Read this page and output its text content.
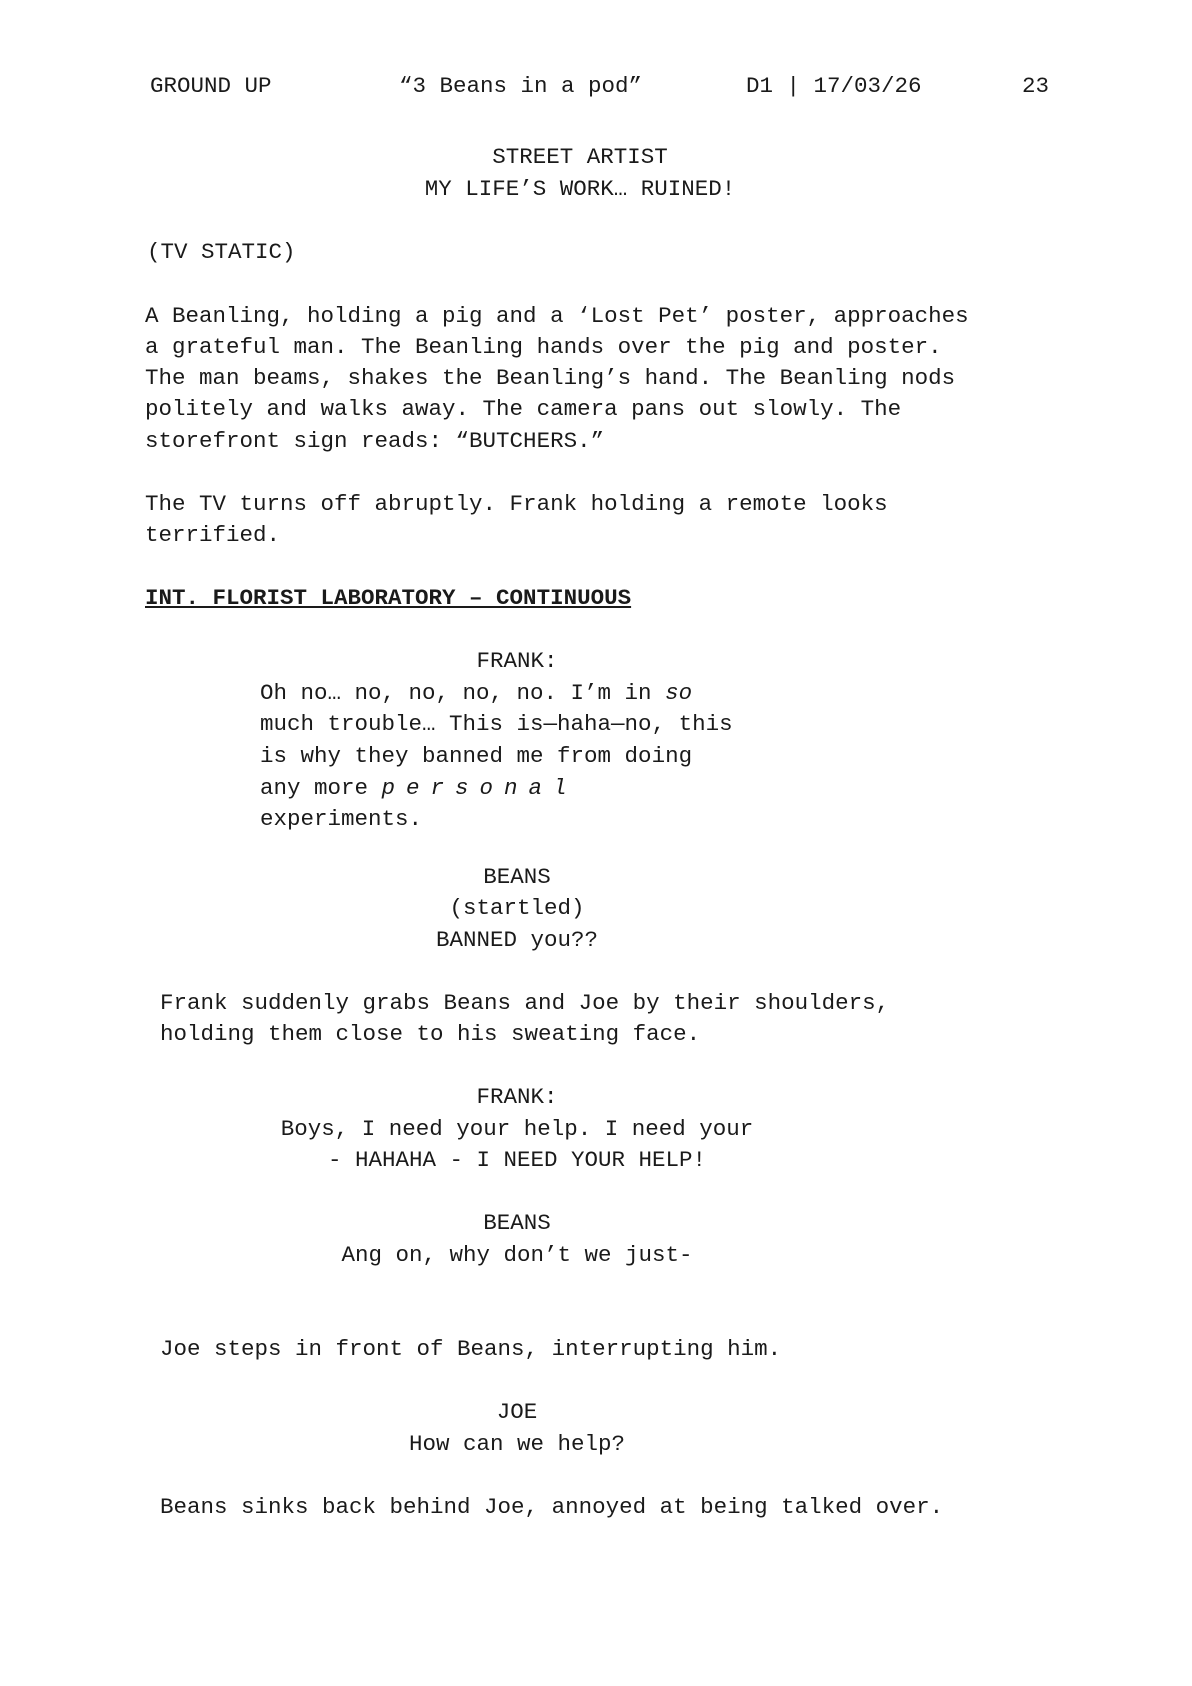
GROUND UP	“3 Beans in a pod”	D1 | 17/03/26	23
STREET ARTIST
MY LIFE’S WORK… RUINED!
(TV STATIC)
A Beanling, holding a pig and a ‘Lost Pet’ poster, approaches
a grateful man. The Beanling hands over the pig and poster.
The man beams, shakes the Beanling’s hand. The Beanling nods
politely and walks away. The camera pans out slowly. The
storefront sign reads: “BUTCHERS.”
The TV turns off abruptly. Frank holding a remote looks
terrified.
INT. FLORIST LABORATORY – CONTINUOUS
FRANK:
Oh no… no, no, no, no. I’m in so
much trouble… This is—haha—no, this
is why they banned me from doing
any more personal
experiments.
BEANS
(startled)
BANNED you??
Frank suddenly grabs Beans and Joe by their shoulders,
holding them close to his sweating face.
FRANK:
Boys, I need your help. I need your
- HAHAHA - I NEED YOUR HELP!
BEANS
Ang on, why don’t we just-
Joe steps in front of Beans, interrupting him.
JOE
How can we help?
Beans sinks back behind Joe, annoyed at being talked over.
